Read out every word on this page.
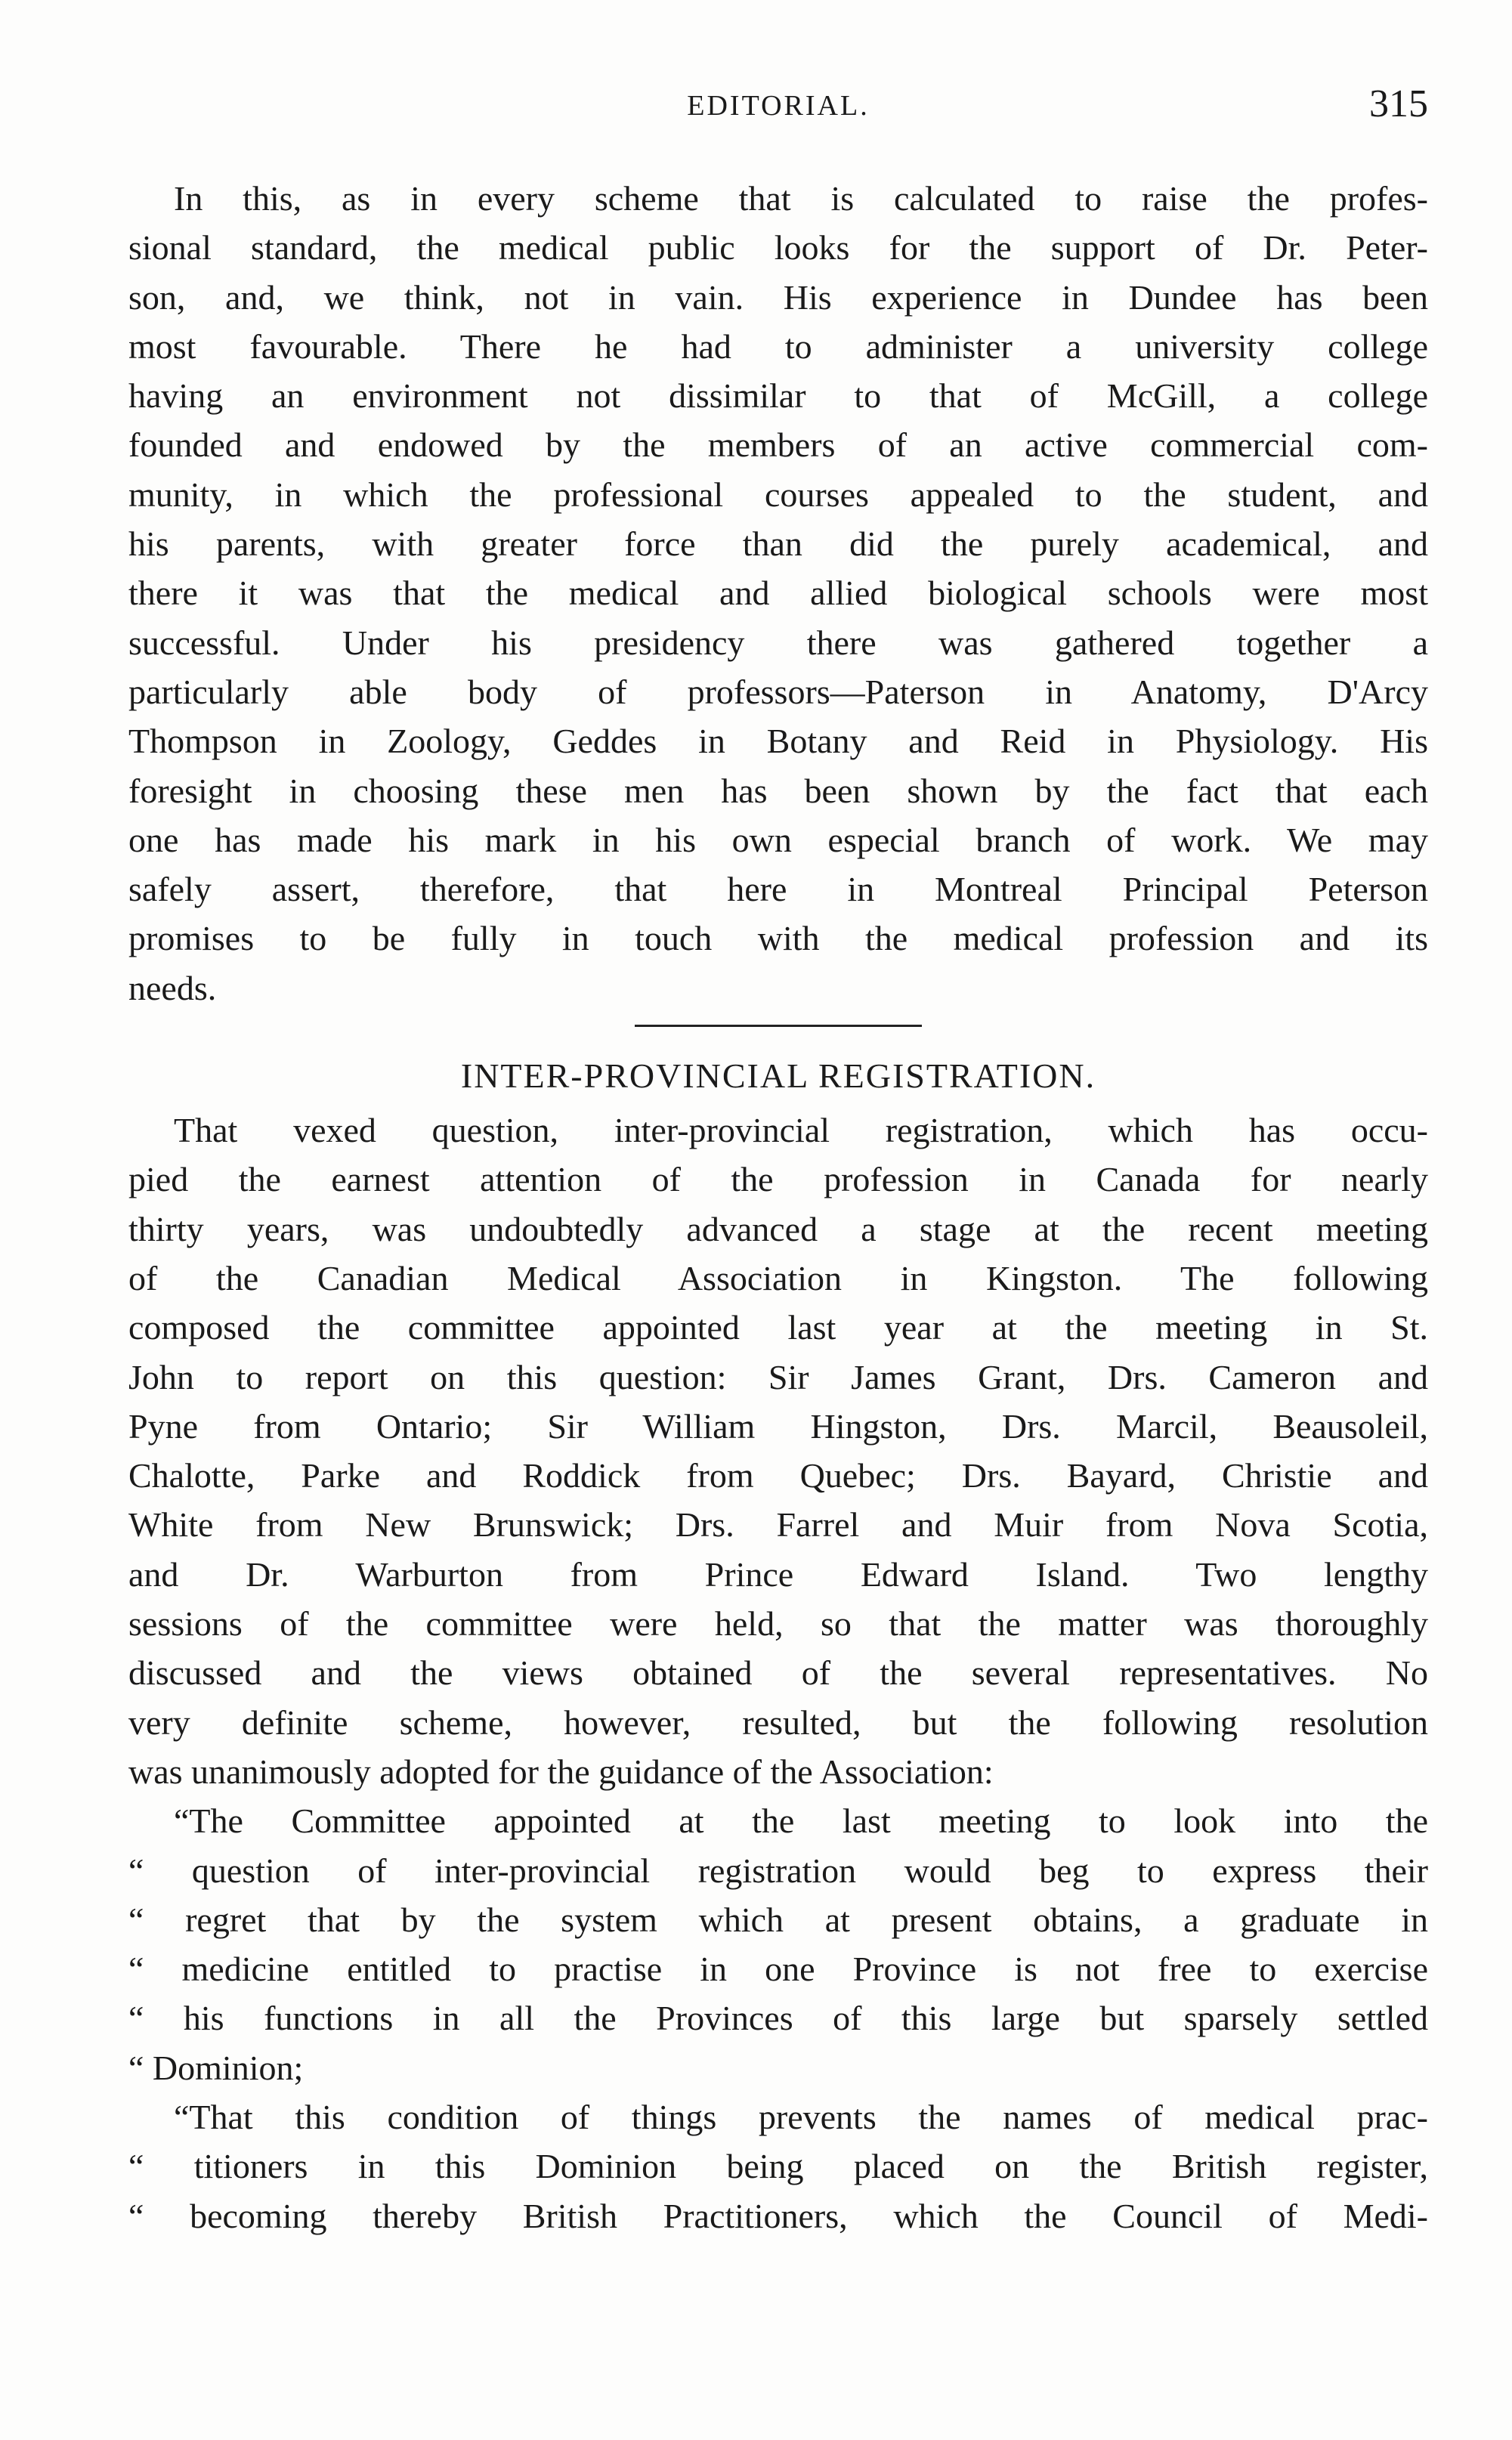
EDITORIAL.	315
In this, as in every scheme that is calculated to raise the profes-
sional standard, the medical public looks for the support of Dr. Peter-
son, and, we think, not in vain. His experience in Dundee has been
most favourable. There he had to administer a university college
having an environment not dissimilar to that of McGill, a college
founded and endowed by the members of an active commercial com-
munity, in which the professional courses appealed to the student, and
his parents, with greater force than did the purely academical, and
there it was that the medical and allied biological schools were most
successful. Under his presidency there was gathered together a
particularly able body of professors—Paterson in Anatomy, D'Arcy
Thompson in Zoology, Geddes in Botany and Reid in Physiology. His
foresight in choosing these men has been shown by the fact that each
one has made his mark in his own especial branch of work. We may
safely assert, therefore, that here in Montreal Principal Peterson
promises to be fully in touch with the medical profession and its
needs.
INTER-PROVINCIAL REGISTRATION.
That vexed question, inter-provincial registration, which has occu-
pied the earnest attention of the profession in Canada for nearly
thirty years, was undoubtedly advanced a stage at the recent meeting
of the Canadian Medical Association in Kingston. The following
composed the committee appointed last year at the meeting in St.
John to report on this question: Sir James Grant, Drs. Cameron and
Pyne from Ontario; Sir William Hingston, Drs. Marcil, Beausoleil,
Chalotte, Parke and Roddick from Quebec; Drs. Bayard, Christie and
White from New Brunswick; Drs. Farrel and Muir from Nova Scotia,
and Dr. Warburton from Prince Edward Island. Two lengthy
sessions of the committee were held, so that the matter was thoroughly
discussed and the views obtained of the several representatives. No
very definite scheme, however, resulted, but the following resolution
was unanimously adopted for the guidance of the Association:
“The Committee appointed at the last meeting to look into the
“ question of inter-provincial registration would beg to express their
“ regret that by the system which at present obtains, a graduate in
“ medicine entitled to practise in one Province is not free to exercise
“ his functions in all the Provinces of this large but sparsely settled
“ Dominion;
“That this condition of things prevents the names of medical prac-
“ titioners in this Dominion being placed on the British register,
“ becoming thereby British Practitioners, which the Council of Medi-
